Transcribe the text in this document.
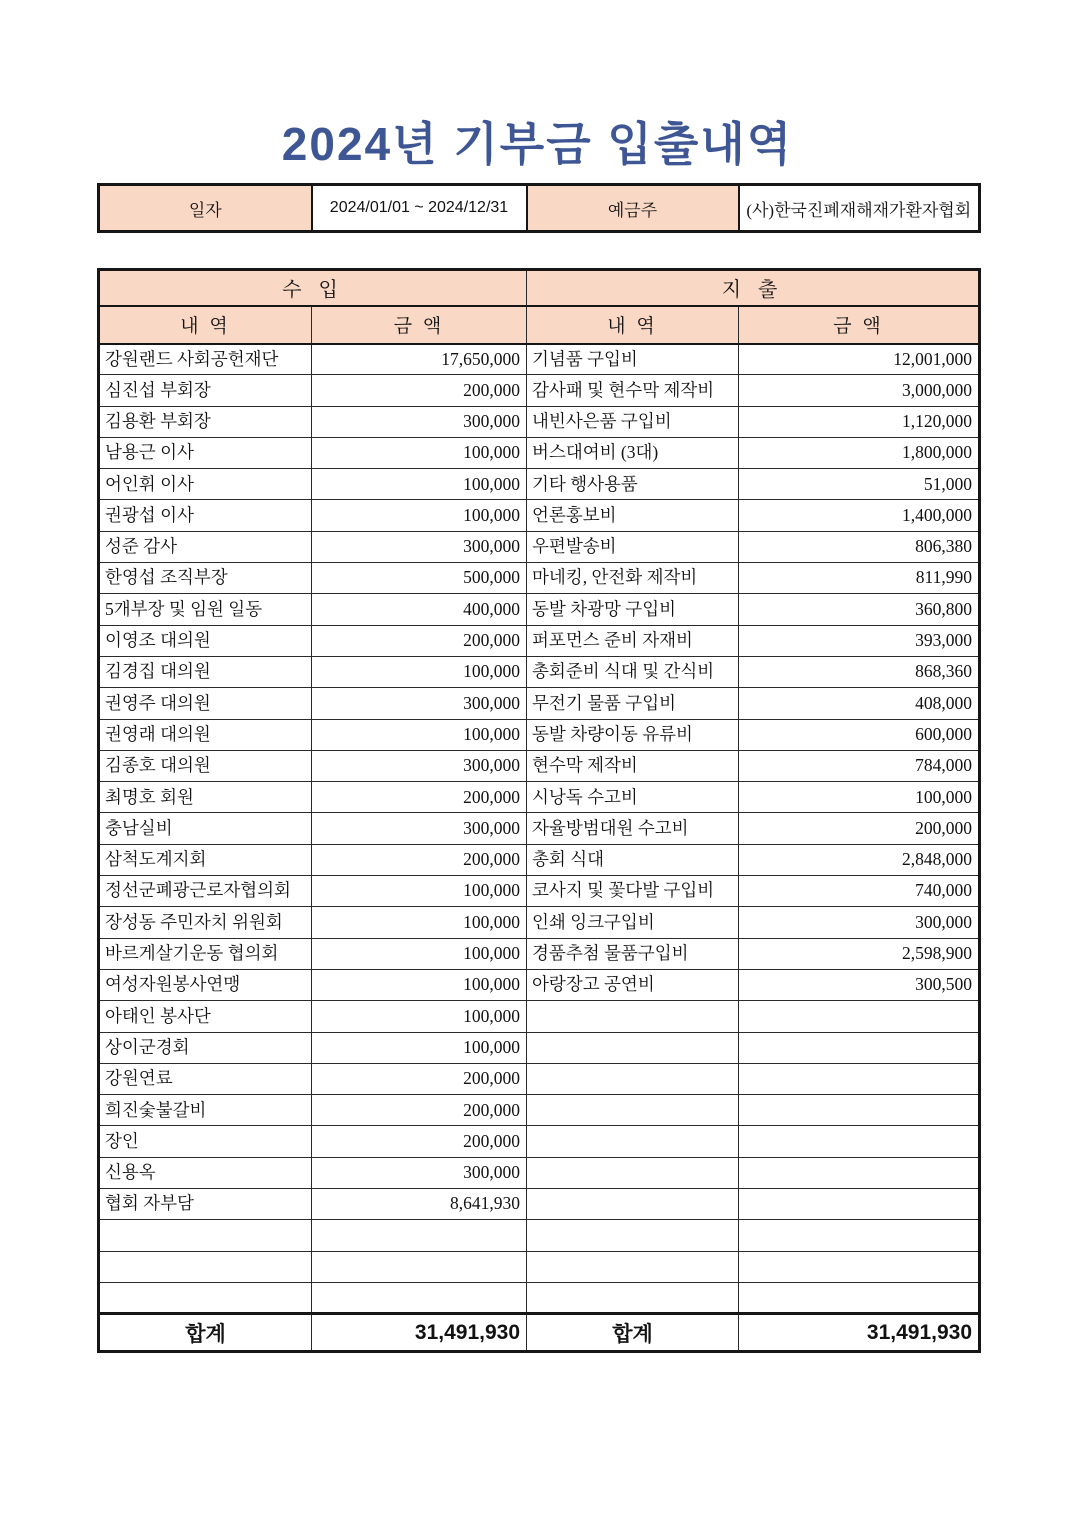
2024년 기부금 입출내역
일자	2024/01/01 ~ 2024/12/31	예금주	(사)한국진폐재해재가환자협회
수 입		지 출	
내 역	금 액	내 역	금 액
강원랜드 사회공헌재단	17,650,000	기념품 구입비	12,001,000
심진섭 부회장	200,000	감사패 및 현수막 제작비	3,000,000
김용환 부회장	300,000	내빈사은품 구입비	1,120,000
남용근 이사	100,000	버스대여비 (3대)	1,800,000
어인휘 이사	100,000	기타 행사용품	51,000
권광섭 이사	100,000	언론홍보비	1,400,000
성준 감사	300,000	우편발송비	806,380
한영섭 조직부장	500,000	마네킹, 안전화 제작비	811,990
5개부장 및 임원 일동	400,000	동발 차광망 구입비	360,800
이영조 대의원	200,000	퍼포먼스 준비 자재비	393,000
김경집 대의원	100,000	총회준비 식대 및 간식비	868,360
권영주 대의원	300,000	무전기 물품 구입비	408,000
권영래 대의원	100,000	동발 차량이동 유류비	600,000
김종호 대의원	300,000	현수막 제작비	784,000
최명호 회원	200,000	시낭독 수고비	100,000
충남실비	300,000	자율방범대원 수고비	200,000
삼척도계지회	200,000	총회 식대	2,848,000
정선군폐광근로자협의회	100,000	코사지 및 꽃다발 구입비	740,000
장성동 주민자치 위원회	100,000	인쇄 잉크구입비	300,000
바르게살기운동 협의회	100,000	경품추첨 물품구입비	2,598,900
여성자원봉사연맹	100,000	아랑장고 공연비	300,500
아태인 봉사단	100,000		
상이군경회	100,000		
강원연료	200,000		
희진숯불갈비	200,000		
장인	200,000		
신용옥	300,000		
협회 자부담	8,641,930		

합계	31,491,930	합계	31,491,930
